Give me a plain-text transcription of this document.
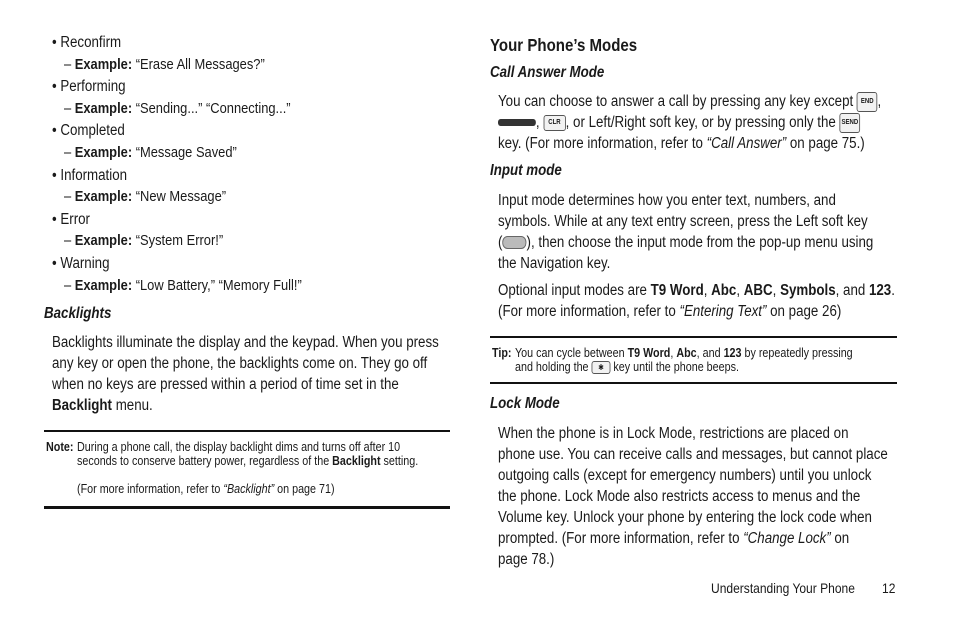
• Reconfirm
– Example: “Erase All Messages?”
• Performing
– Example: “Sending...” “Connecting...”
• Completed
– Example: “Message Saved”
• Information
– Example: “New Message”
• Error
– Example: “System Error!”
• Warning
– Example: “Low Battery,” “Memory Full!”
Backlights
Backlights illuminate the display and the keypad. When you press
any key or open the phone, the backlights come on. They go off
when no keys are pressed within a period of time set in the
Backlight menu.
Note: During a phone call, the display backlight dims and turns off after 10
seconds to conserve battery power, regardless of the Backlight setting.
(For more information, refer to “Backlight” on page 71)
Your Phone’s Modes
Call Answer Mode
You can choose to answer a call by pressing any key except END ,
, CLR , or Left/Right soft key, or by pressing only the SEND
key. (For more information, refer to “Call Answer” on page 75.)
Input mode
Input mode determines how you enter text, numbers, and
symbols. While at any text entry screen, press the Left soft key
( ), then choose the input mode from the pop-up menu using
the Navigation key.
Optional input modes are T9 Word, Abc, ABC, Symbols, and 123.
(For more information, refer to “Entering Text” on page 26)
Tip: You can cycle between T9 Word, Abc, and 123 by repeatedly pressing
and holding the ✱ key until the phone beeps.
Lock Mode
When the phone is in Lock Mode, restrictions are placed on
phone use. You can receive calls and messages, but cannot place
outgoing calls (except for emergency numbers) until you unlock
the phone. Lock Mode also restricts access to menus and the
Volume key. Unlock your phone by entering the lock code when
prompted. (For more information, refer to “Change Lock” on
page 78.)
Understanding Your Phone	12
